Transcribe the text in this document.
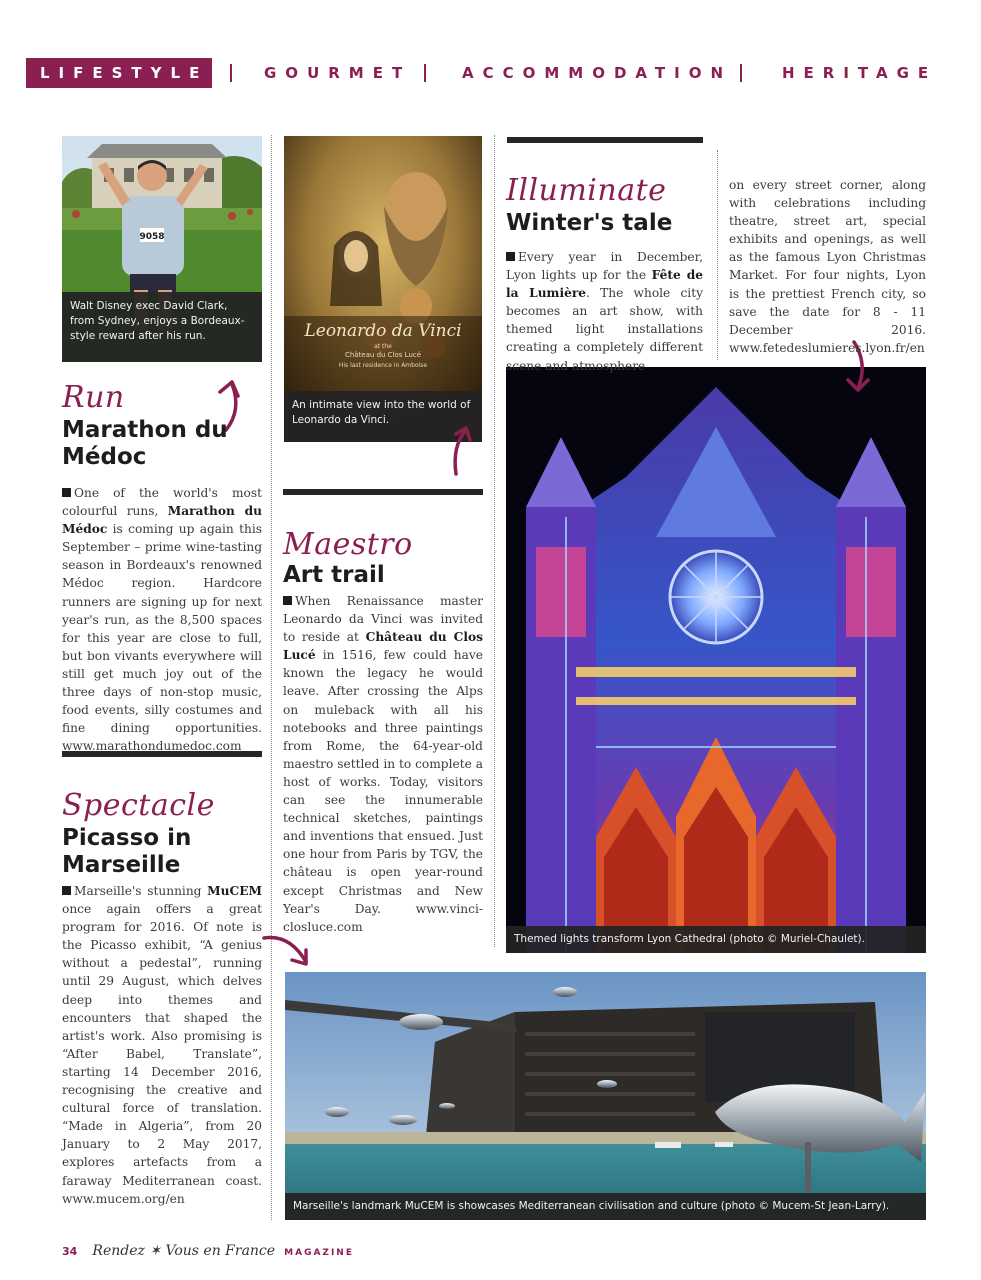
LIFESTYLE	GOURMET	ACCOMMODATION	HERITAGE
9058
Walt Disney exec David Clark, from Sydney, enjoys a Bordeaux-style reward after his run.	Leonardo da Vinci
at the
Château du Clos Lucé
His last residence in Amboise
An intimate view into the world of Leonardo da Vinci.
Themed lights transform Lyon Cathedral (photo © Muriel-Chaulet).
Marseille's landmark MuCEM is showcases Mediterranean civilisation and culture (photo © Mucem-St Jean-Larry).
Run
Marathon du Médoc
One of the world's most colourful runs, Marathon du Médoc is coming up again this September – prime wine-tasting season in Bordeaux's renowned Médoc region. Hardcore runners are signing up for next year's run, as the 8,500 spaces for this year are close to full, but bon vivants everywhere will still get much joy out of the three days of non-stop music, food events, silly costumes and fine dining opportunities. www.marathondumedoc.com
Spectacle
Picasso in Marseille
Marseille's stunning MuCEM once again offers a great program for 2016. Of note is the Picasso exhibit, “A genius without a pedestal”, running until 29 August, which delves deep into themes and encounters that shaped the artist's work. Also promising is “After Babel, Translate”, starting 14 December 2016, recognising the creative and cultural force of translation. “Made in Algeria”, from 20 January to 2 May 2017, explores artefacts from a faraway Mediterranean coast. www.mucem.org/en
Maestro
Art trail
When Renaissance master Leonardo da Vinci was invited to reside at Château du Clos Lucé in 1516, few could have known the legacy he would leave. After crossing the Alps on muleback with all his notebooks and three paintings from Rome, the 64-year-old maestro settled in to complete a host of works. Today, visitors can see the innumerable technical sketches, paintings and inventions that ensued. Just one hour from Paris by TGV, the château is open year-round except Christmas and New Year's Day.	www.vinci-closluce.com
Illuminate
Winter's tale
Every year in December, Lyon lights up for the Fête de la Lumière. The whole city becomes an art show, with themed light installations creating a completely different scene and atmosphere
on every street corner, along with celebrations including theatre, street art, special exhibits and openings, as well as the famous Lyon Christmas Market. For four nights, Lyon is the prettiest French city, so save the date for 8 - 11 December 2016. www.fetedeslumieres.lyon.fr/en
34 Rendez ✶ Vous en France MAGAZINE
